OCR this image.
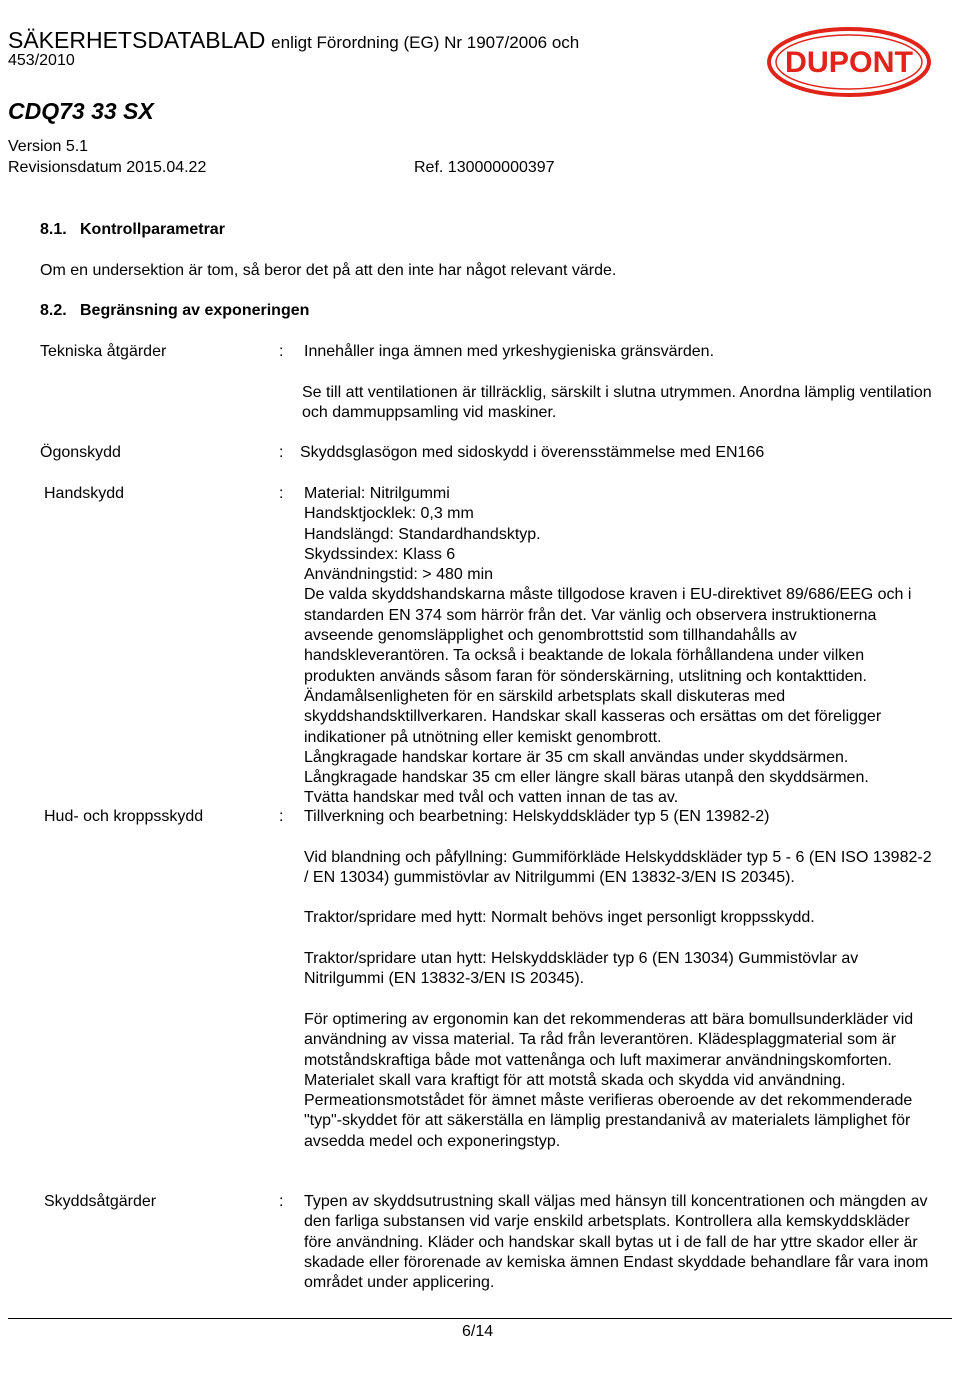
SÄKERHETSDATABLAD enligt Förordning (EG) Nr 1907/2006 och
453/2010
CDQ73 33 SX
Version 5.1
Revisionsdatum 2015.04.22	Ref. 130000000397
DUPONT
8.1. Kontrollparametrar
Om en undersektion är tom, så beror det på att den inte har något relevant värde.
8.2. Begränsning av exponeringen
Tekniska åtgärder	: Innehåller inga ämnen med yrkeshygieniska gränsvärden.

Se till att ventilationen är tillräcklig, särskilt i slutna utrymmen. Anordna lämplig ventilation och dammuppsamling vid maskiner.

Ögonskydd	: Skyddsglasögon med sidoskydd i överensstämmelse med EN166
Handskydd	: Material: Nitrilgummi

Handsktjocklek: 0,3 mm

Handslängd: Standardhandsktyp.

Skydssindex: Klass 6

Användningstid: > 480 min

De valda skyddshandskarna måste tillgodose kraven i EU-direktivet 89/686/EEG och i standarden EN 374 som härrör från det. Var vänlig och observera instruktionerna avseende genomsläpplighet och genombrottstid som tillhandahålls av handskleverantören. Ta också i beaktande de lokala förhållandena under vilken produkten används såsom faran för sönderskärning, utslitning och kontakttiden. Ändamålsenligheten för en särskild arbetsplats skall diskuteras med skyddshandsktillverkaren. Handskar skall kasseras och ersättas om det föreligger indikationer på utnötning eller kemiskt genombrott.

Långkragade handskar kortare är 35 cm skall användas under skyddsärmen.

Långkragade handskar 35 cm eller längre skall bäras utanpå den skyddsärmen.

Tvätta handskar med tvål och vatten innan de tas av.

Hud- och kroppsskydd	: Tillverkning och bearbetning: Helskyddskläder typ 5 (EN 13982-2)
Vid blandning och påfyllning: Gummiförkläde Helskyddskläder typ 5 - 6 (EN ISO 13982-2 / EN 13034) gummistövlar av Nitrilgummi (EN 13832-3/EN IS 20345).
Traktor/spridare med hytt: Normalt behövs inget personligt kroppsskydd.
Traktor/spridare utan hytt: Helskyddskläder typ 6 (EN 13034) Gummistövlar av Nitrilgummi (EN 13832-3/EN IS 20345).
För optimering av ergonomin kan det rekommenderas att bära bomullsunderkläder vid användning av vissa material. Ta råd från leverantören. Klädesplaggmaterial som är motståndskraftiga både mot vattenånga och luft maximerar användningskomforten. Materialet skall vara kraftigt för att motstå skada och skydda vid användning. Permeationsmotstådet för ämnet måste verifieras oberoende av det rekommenderade "typ"-skyddet för att säkerställa en lämplig prestandanivå av materialets lämplighet för avsedda medel och exponeringstyp.
Skyddsåtgärder	: Typen av skyddsutrustning skall väljas med hänsyn till koncentrationen och mängden av den farliga substansen vid varje enskild arbetsplats. Kontrollera alla kemskyddskläder före användning. Kläder och handskar skall bytas ut i de fall de har yttre skador eller är skadade eller förorenade av kemiska ämnen Endast skyddade behandlare får vara inom området under applicering.
6/14
